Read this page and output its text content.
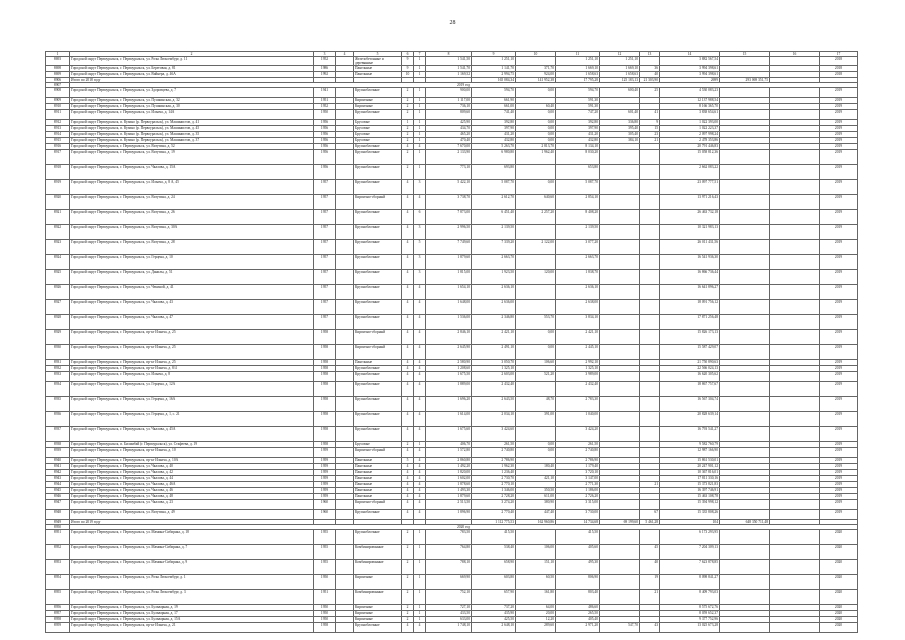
28
1	2	3	4	5	6	7	8	9	10	11	12	13	14	15	16	17
8693	Городской округ Первоуральск, г. Первоуральск, ул. Розы Люксембург, д. 11	1952		Железобетонные и деревянные	9	1	1 541,50	1 251,10		1 251,10	1 251,10		3 882 567,54			2018
8698	Городской округ Первоуральск, г. Первоуральск, ул. Береговая, д. 81	1986		Панельные	9	1	1 541,70	1 141,70	371,70	1 669,10	1 669,10	36	3 994 398,61			2018
8699	Городской округ Первоуральск, г. Первоуральск, ул. Вайнера, д. 46А	1992		Панельные	10	1	1 169,52	2 994,75	924,00	1 658,63	1 658,63	40	3 994 398,61			2018
8906	Итого по 2018 году							165 084,34	141 952,38	17 795,28	125 183,13	21 303,90	2699	293 069 351,75		
8907	2019 год															
8908	Городской округ Первоуральск, г. Первоуральск, ул. Здоровцева, д. 7	1941		Крупноблочные	2	1	900,00	594,70	0,00	594,70	600,40	25	4 530 083,23			2019
8909	Городской округ Первоуральск, г. Первоуральск, ул. Пушкинская, д. 32	1951		Кирпичные	2	1	1 117,00	661,90		591,30			12 137 988,54			2019
8910	Городской округ Первоуральск, г. Первоуральск, ул. Пушкинская, д. 30	1952		Кирпичные	2	1	736,10	661,00	60,40	591,30			8 166 365,70			2019
8911	Городской округ Первоуральск, г. Первоуральск, ул. Ильича, д. 14А	1950		Крупноблочные	2	1	809,60	741,40	0,00	747,20	601,40	41	3 838 654,61			2019
8912	Городской округ Первоуральск, п. Кузино (р. Первоуральск), ул. Машинистов, д. 41	1956		Брусовые	1	1	425,90	392,80	0,00	392,80	336,80	9	1 022 393,00			2019
8913	Городской округ Первоуральск, п. Кузино (р. Первоуральск), ул. Машинистов, д. 45	1956		Брусовые	2	1	434,70	397,90	0,00	397,90	395,40	15	1 022 223,37			2019
8914	Городской округ Первоуральск, п. Кузино (р. Первоуральск), ул. Машинистов, д. 35	1956		Брусовые	2	1	465,20	431,20	0,00	431,20	305,40	23	2 097 998,24			2019
8915	Городской округ Первоуральск, п. Кузино (р. Первоуральск), ул. Машинистов, д. 37	1956		Брусовые	2	1	470,40	432,80	0,00	432,80	384,10	21	2 478 353,86			2019
8916	Городской округ Первоуральск, г. Первоуральск, ул. Ватутина, д. 52	1956		Крупноблочные	4	4	7 670,00	5 263,70	2 813,70	8 134,10			20 791 446,83			2019
8917	Городской округ Первоуральск, г. Первоуральск, ул. Ватутина, д. 19	1956		Крупноблочные	2	1	2 133,90	6 980,80	1 962,40	8 030,20			15 058 812,36			2019
8918	Городской округ Первоуральск, г. Первоуральск, ул. Чкалова, д. 15А	1956		Крупноблочные	2	1	773,10	693,80		653,80			2 662 083,22			2019
8919	Городской округ Первоуральск, г. Первоуральск, ул. Ильича, д. 8 А, 45	1957		Крупноблочные	4	3	5 422,10	5 087,70	0,00	5 087,70			23 097 777,51			2019
8920	Городской округ Первоуральск, г. Первоуральск, ул. Ватутина, д. 24	1957		Кирпично-сборный	4	4	3 738,70	2 612,70	640,60	2 854,10			13 971 216,43			2019
8921	Городской округ Первоуральск, г. Первоуральск, ул. Ватутина, д. 26	1957		Крупноблочные	4	6	7 873,00	6 451,40	2 257,20	8 408,20			26 463 732,18			2019
8922	Городской округ Первоуральск, г. Первоуральск, ул. Ватутина, д. 30А	1957		Крупноблочные	4	3	2 996,50	2 139,50		2 139,50			10 321 983,13			2019
8923	Городской округ Первоуральск, г. Первоуральск, ул. Ватутина, д. 28	1957		Крупноблочные	4	5	7 749,60	7 339,20	2 122,00	3 077,20			26 011 431,56			2019
8924	Городской округ Первоуральск, г. Первоуральск, ул. Герцена, д. 10	1957		Крупноблочные	4	3	1 879,60	2 663,70		2 663,70			16 541 936,30			2019
8925	Городской округ Первоуральск, г. Первоуральск, ул. Данилы, д. 51	1957		Крупноблочные	4	3	1 815,00	1 923,50	120,00	1 838,70			16 866 736,44			2019
8926	Городской округ Первоуральск, г. Первоуральск, ул. Чекиной, д. 41	1957		Крупноблочные	4	4	1 654,10	2 636,10		2 636,10			16 641 896,27			2019
8927	Городской округ Первоуральск, г. Первоуральск, ул. Чкалова, д. 43	1957		Крупноблочные	4	4	1 648,00	2 636,00		2 638,00			18 091 756,12			2019
8928	Городской округ Первоуральск, г. Первоуральск, ул. Чкалова, д. 47	1957		Крупноблочные	4	4	1 536,00	2 346,80	553,70	3 834,10			17 871 256,48			2019
8929	Городской округ Первоуральск, г. Первоуральск, пр-кт Ильича, д. 25	1958		Кирпично-сборный	4	4	2 846,10	2 421,10	0,00	2 421,10			15 826 173,13			2019
8930	Городской округ Первоуральск, г. Первоуральск, пр-кт Ильича, д. 25	1958		Кирпично-сборный	4	4	2 645,90	2 491,10	0,00	2 445,10			15 587 429,07			2019
8931	Городской округ Первоуральск, г. Первоуральск, пр-кт Ильича, д. 25	1958		Панельные	4	4	2 580,90	3 050,70	106,60	2 992,10			21 750 890,63			2019
8932	Городской округ Первоуральск, г. Первоуральск, пр-кт Ильича, д. 8/4	1958		Крупноблочные	4	4	1 208,60	1 325,10		1 325,10			22 566 024,13			2019
8933	Городской округ Первоуральск, г. Первоуральск, ул. Ильича, д. 8	1958		Крупноблочные	4	4	1 675,50	2 603,00	521,20	3 989,00			16 620 305,62			2019
8934	Городской округ Первоуральск, г. Первоуральск, ул. Герцена, д. 12А	1958		Крупноблочные	4	4	1 889,00	2 432,40		2 432,40			18 867 757,67			2019
8935	Городской округ Первоуральск, г. Первоуральск, ул. Герцена, д. 16А	1958		Крупноблочные	4	4	1 696,20	2 643,50	48,70	2 783,30			16 567 304,74			2019
8936	Городской округ Первоуральск, г. Первоуральск, ул. Герцена, д. 1, с. 21	1958		Крупноблочные	4	4	1 614,00	2 034,10	391,00	1 040,00			20 828 639,14			2019
8937	Городской округ Первоуральск, г. Первоуральск, ул. Чкалова, д. 45А	1958		Крупноблочные	4	4	1 675,60	3 424,60		3 424,20			16 793 541,27			2019
8938	Городской округ Первоуральск, п. Билимбай (г. Первоуральск), ул. Стафеева, д. 19	1958		Брусовые	2	1	406,70	261,50	0,00	261,50			9 582 760,79			2019
8939	Городской округ Первоуральск, г. Первоуральск, пр-кт Ильича, д. 10	1959		Кирпично-сборный	4	4	1 572,80	2 740,80	0,00	2 740,80			12 987 166,90			2019
8940	Городской округ Первоуральск, г. Первоуральск, пр-кт Ильича, д. 10А	1959		Панельные	5	4	2 860,80	2 786,90		2 786,90			15 861 530,01			2019
8941	Городской округ Первоуральск, г. Первоуральск, ул. Чкалова, д. 40	1959		Панельные	4	4	1 492,20	1 962,30	180,40	1 179,40			20 247 901,12			2019
8942	Городской округ Первоуральск, г. Первоуральск, ул. Чкалова, д. 42	1959		Панельные	4	4	1 820,00	1 236,40		3 720,10			10 367 816,01			2019
8943	Городской округ Первоуральск, г. Первоуральск, ул. Чкалова, д. 44	1959		Панельные	4	4	1 602,00	2 730,70	421,10	3 147,00			17 811 330,16			2019
8944	Городской округ Первоуральск, г. Первоуральск, ул. Чкалова, д. 46А	1959		Панельные	4	4	1 878,60	2 770,10		2 771,30		21	15 373 821,83			2019
8945	Городской округ Первоуральск, г. Первоуральск, ул. Чкалова, д. 46	1959		Панельные	4	4	1 493,30	1 346,00	350,50	1 186,00			16 397 746,91			2019
8946	Городской округ Первоуральск, г. Первоуральск, ул. Чкалова, д. 48	1959		Панельные	4	4	1 879,60	2 728,20	611,00	2 726,20			15 463 108,78			2019
8947	Городской округ Первоуральск, г. Первоуральск, ул. Чкалова, д. 23	1960		Кирпично-сборный	4	4	2 513,50	3 274,20	380,90	3 315,00			15 394 998,12			2019
8948	Городской округ Первоуральск, г. Первоуральск, ул. Ватутина, д. 49	1960		Крупноблочные	4	4	1 896,90	2 770,40	447,40	3 730,00		67	15 335 808,26			2019
8949	Итого по 2019 году							1 112 775,53	162 960,86	14 734,68	69 199,60	5 461,28	104	648 350 711,48		
8950	2020 год															
8951	Городской округ Первоуральск, г. Первоуральск, ул. Мамина-Сибиряка, д. 18	1955		Крупноблочные	2	1	783,50	415,50		415,50			6 173 293,95			2020
8952	Городской округ Первоуральск, г. Первоуральск, ул. Мамина-Сибиряка, д. 7	1955		Комбинированные	2	1	764,80	538,40	106,00	405,60		45	7 204 309,13			2020
8953	Городской округ Первоуральск, г. Первоуральск, ул. Мамина-Сибиряка, д. 9	1955		Комбинированные	2	1	788,10	658,90	151,10	495,30		40	7 623 878,85			2020
8954	Городской округ Первоуральск, г. Первоуральск, ул. Розы Люксембург, д. 1	1950		Кирпичные	2	1	669,90	603,80	60,50	806,90		19	8 098 841,27			2020
8955	Городской округ Первоуральск, г. Первоуральск, ул. Розы Люксембург, д. 3	1951		Комбинированные	2	1	752,10	657,90	161,80	803,40		21	8 409 793,03			2020
8956	Городской округ Первоуральск, г. Первоуральск, ул. Бульварная, д. 19	1950		Кирпичные	2	1	727,10	737,20	64,00	486,60			8 575 672,76			2020
8957	Городской округ Первоуральск, г. Первоуральск, ул. Бульварная, д. 17	1950		Кирпичные	2	1	433,50	435,90	20,00	265,50			8 059 652,37			2020
8958	Городской округ Первоуральск, г. Первоуральск, ул. Бульварная, д. 15А	1950		Кирпичные	2	1	633,00	425,50	12,20	405,40			9 377 752,96			2020
8959	Городской округ Первоуральск, г. Первоуральск, пр-кт Ильича, д. 21	1958		Крупноблочные	4	4	1 748,10	2 648,10	289,60	2 971,20	547,70	43	13 025 673,28			2020
